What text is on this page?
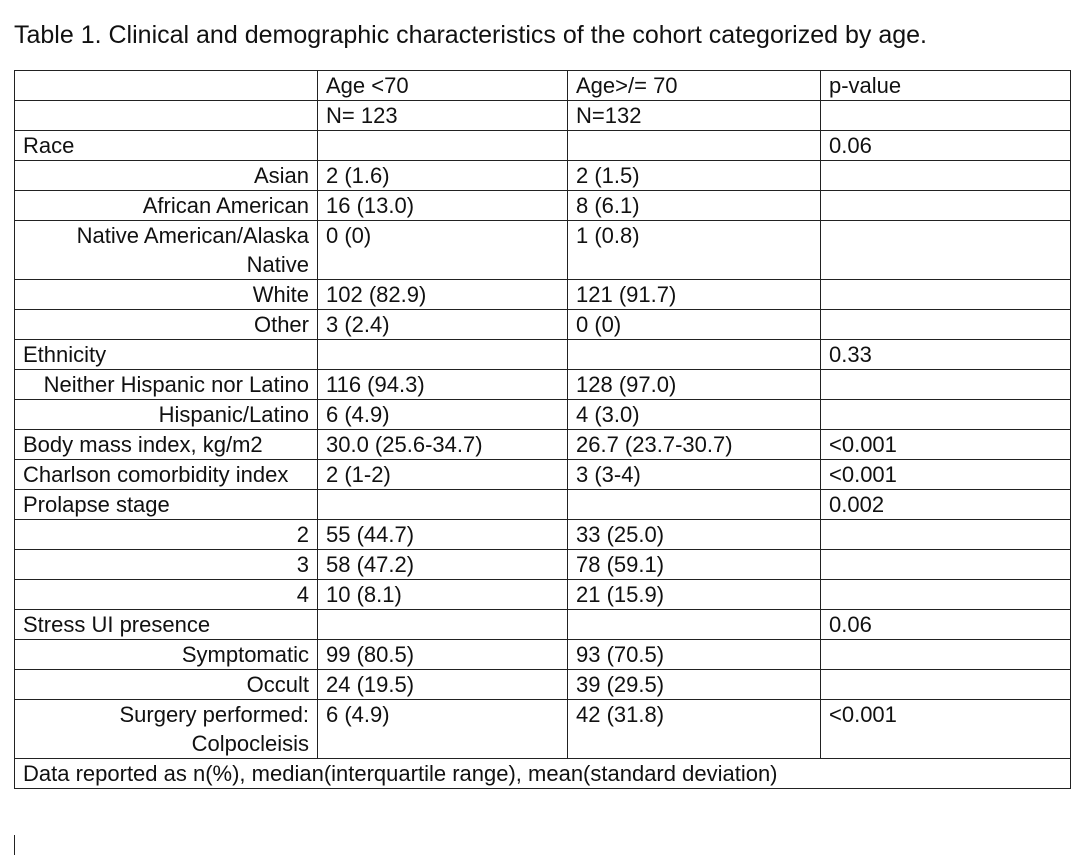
Table 1. Clinical and demographic characteristics of the cohort categorized by age.
	Age <70	Age>/= 70	p-value
	N= 123	N=132	
Race			0.06
Asian	2 (1.6)	2 (1.5)	
African American	16 (13.0)	8 (6.1)	
Native American/Alaska Native	0 (0)	1 (0.8)	
White	102 (82.9)	121 (91.7)	
Other	3 (2.4)	0 (0)	
Ethnicity			0.33
Neither Hispanic nor Latino	116 (94.3)	128 (97.0)	
Hispanic/Latino	6 (4.9)	4 (3.0)	
Body mass index, kg/m2	30.0 (25.6-34.7)	26.7 (23.7-30.7)	<0.001
Charlson comorbidity index	2 (1-2)	3 (3-4)	<0.001
Prolapse stage			0.002
2	55 (44.7)	33 (25.0)	
3	58 (47.2)	78 (59.1)	
4	10 (8.1)	21 (15.9)	
Stress UI presence			0.06
Symptomatic	99 (80.5)	93 (70.5)	
Occult	24 (19.5)	39 (29.5)	
Surgery performed: Colpocleisis	6 (4.9)	42 (31.8)	<0.001
Data reported as n(%), median(interquartile range), mean(standard deviation)			
